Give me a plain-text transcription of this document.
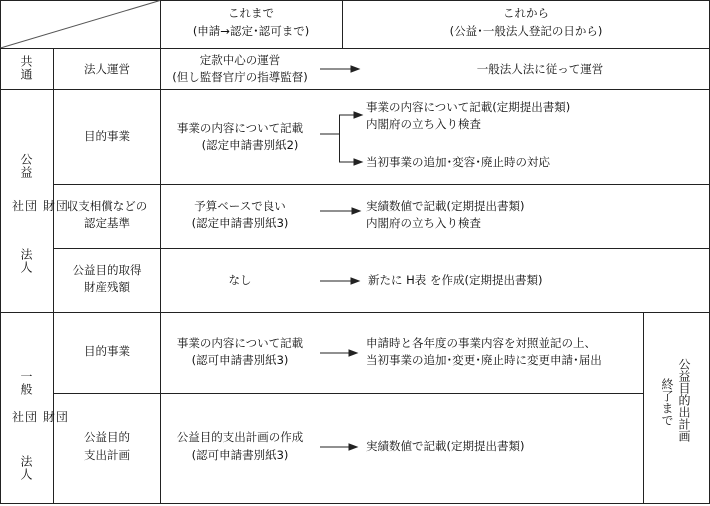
これまで
(申請→認定･認可まで)
これから
(公益･一般法人登記の日から)
共通
公益
社団 財団
法人
一般
社団 財団
法人
法人運営
定款中心の運営
(但し監督官庁の指導監督)
一般法人法に従って運営
目的事業
事業の内容について記載
(認定申請書別紙2)
事業の内容について記載(定期提出書類)
内閣府の立ち入り検査
当初事業の追加･変容･廃止時の対応
収支相償などの
認定基準
予算ベースで良い
(認定申請書別紙3)
実績数値で記載(定期提出書類)
内閣府の立ち入り検査
公益目的取得
財産残額	なし	新たに H表 を作成(定期提出書類)
目的事業
事業の内容について記載
(認可申請書別紙3)
申請時と各年度の事業内容を対照並記の上、
当初事業の追加･変更･廃止時に変更申請･届出
公益目的
支出計画
公益目的支出計画の作成
(認可申請書別紙3)
実績数値で記載(定期提出書類)
公益目的出計画
終了まで
